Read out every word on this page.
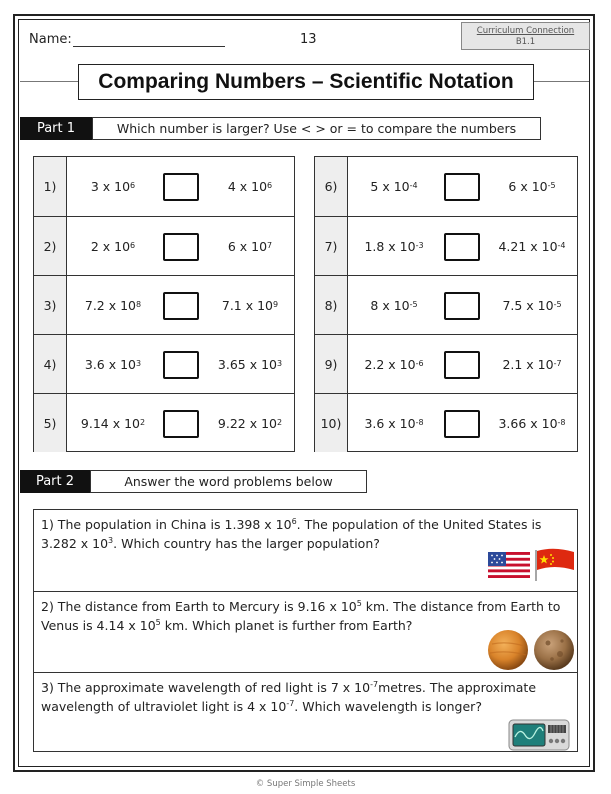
Name:	13
Curriculum Connection
B1.1
Comparing Numbers – Scientific Notation
Part 1	Which number is larger? Use < > or = to compare the numbers
1)	3 x $10^6$	4 x $10^6$
2)	2 x $10^6$	6 x $10^7$
3)	7.2 x $10^8$	7.1 x $10^9$
4)	3.6 x $10^3$	3.65 x $10^3$
5)	9.14 x $10^2$	9.22 x $10^2$
6)	5 x $10^{-4}$	6 x $10^{-5}$
7)	1.8 x $10^{-3}$	4.21 x $10^{-4}$
8)	8 x $10^{-5}$	7.5 x $10^{-5}$
9)	2.2 x $10^{-6}$	2.1 x $10^{-7}$
10)	3.6 x $10^{-8}$	3.66 x $10^{-8}$
Part 2	Answer the word problems below
1) The population in China is 1.398 x $10^6$. The population of the United States is
3.282 x $10^3$. Which country has the larger population?
2) The distance from Earth to Mercury is 9.16 x $10^5$ km. The distance from Earth to
Venus is 4.14 x $10^5$ km. Which planet is further from Earth?
3) The approximate wavelength of red light is 7 x $10^{-7}metres$. The approximate
wavelength of ultraviolet light is 4 x $10^{-7}$. Which wavelength is longer?
© Super Simple Sheets
